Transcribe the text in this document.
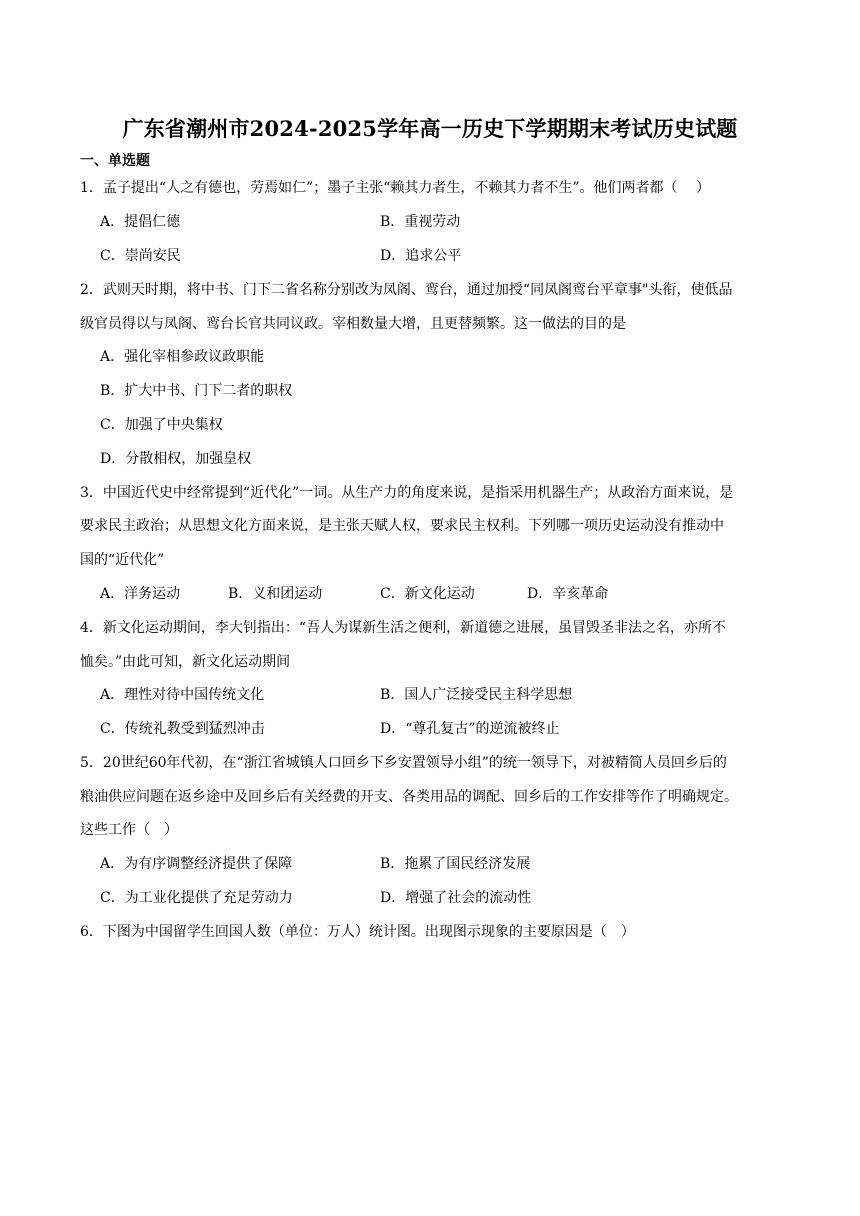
广东省潮州市2024-2025学年高一历史下学期期末考试历史试题
一、单选题
1．孟子提出“人之有德也，劳焉如仁”；墨子主张“赖其力者生，不赖其力者不生”。他们两者都（　 ）
A．提倡仁德	B．重视劳动
C．崇尚安民	D．追求公平
2．武则天时期，将中书、门下二省名称分别改为凤阁、鸾台，通过加授“同凤阁鸾台平章事"头衔，使低品
级官员得以与凤阁、鸾台长官共同议政。宰相数量大增，且更替频繁。这一做法的目的是
A．强化宰相参政议政职能
B．扩大中书、门下二者的职权
C．加强了中央集权
D．分散相权，加强皇权
3．中国近代史中经常提到“近代化”一词。从生产力的角度来说，是指采用机器生产；从政治方面来说，是
要求民主政治；从思想文化方面来说，是主张天赋人权，要求民主权利。下列哪一项历史运动没有推动中
国的“近代化”
A．洋务运动	B．义和团运动	C．新文化运动	D．辛亥革命
4．新文化运动期间，李大钊指出：“吾人为谋新生活之便利，新道德之进展，虽冒毁圣非法之名，亦所不
恤矣。”由此可知，新文化运动期间
A．理性对待中国传统文化	B．国人广泛接受民主科学思想
C．传统礼教受到猛烈冲击	D．“尊孔复古”的逆流被终止
5．20世纪60年代初，在“浙江省城镇人口回乡下乡安置领导小组”的统一领导下，对被精简人员回乡后的
粮油供应问题在返乡途中及回乡后有关经费的开支、各类用品的调配、回乡后的工作安排等作了明确规定。
这些工作（　）
A．为有序调整经济提供了保障	B．拖累了国民经济发展
C．为工业化提供了充足劳动力	D．增强了社会的流动性
6．下图为中国留学生回国人数（单位：万人）统计图。出现图示现象的主要原因是（　）
